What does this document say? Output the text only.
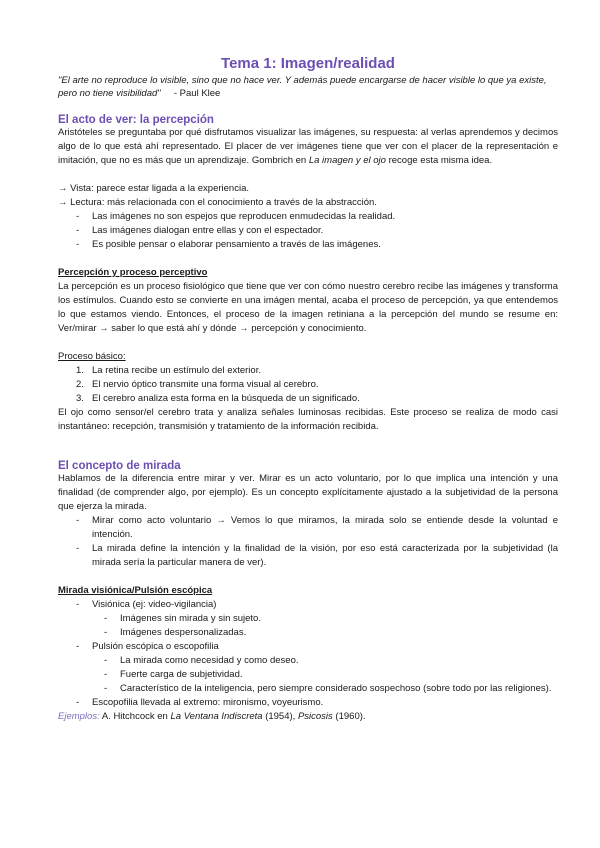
Tema 1: Imagen/realidad

"El arte no reproduce lo visible, sino que no hace ver. Y además puede encargarse de hacer visible lo que ya existe, pero no tiene visibilidad" - Paul Klee

El acto de ver: la percepción

Aristóteles se preguntaba por qué disfrutamos visualizar las imágenes, su respuesta: al verlas aprendemos y decimos algo de lo que está ahí representado. El placer de ver imágenes tiene que ver con el placer de la representación e imitación, que no es más que un aprendizaje. Gombrich en La imagen y el ojo recoge esta misma idea.

→ Vista: parece estar ligada a la experiencia.

→ Lectura: más relacionada con el conocimiento a través de la abstracción.

- Las imágenes no son espejos que reproducen enmudecidas la realidad.
- Las imágenes dialogan entre ellas y con el espectador.
- Es posible pensar o elaborar pensamiento a través de las imágenes.
Percepción y proceso perceptivo

La percepción es un proceso fisiológico que tiene que ver con cómo nuestro cerebro recibe las imágenes y transforma los estímulos. Cuando esto se convierte en una imágen mental, acaba el proceso de percepción, ya que entendemos lo que estamos viendo. Entonces, el proceso de la imagen retiniana a la percepción del mundo se resume en: Ver/mirar → saber lo que está ahí y dónde → percepción y conocimiento.

Proceso básico:
1. La retina recibe un estímulo del exterior.
2. El nervio óptico transmite una forma visual al cerebro.
3. El cerebro analiza esta forma en la búsqueda de un significado.

El ojo como sensor/el cerebro trata y analiza señales luminosas recibidas. Este proceso se realiza de modo casi instantáneo: recepción, transmisión y tratamiento de la información recibida.

El concepto de mirada

Hablamos de la diferencia entre mirar y ver. Mirar es un acto voluntario, por lo que implica una intención y una finalidad (de comprender algo, por ejemplo). Es un concepto explícitamente ajustado a la subjetividad de la persona que ejerza la mirada.

- Mirar como acto voluntario → Vemos lo que miramos, la mirada solo se entiende desde la voluntad e intención.
- La mirada define la intención y la finalidad de la visión, por eso está caracterizada por la subjetividad (la mirada sería la particular manera de ver).
Mirada visiónica/Pulsión escópica
- Visiónica (ej: video-vigilancia)
- Imágenes sin mirada y sin sujeto.
- Imágenes despersonalizadas.
- Pulsión escópica o escopofilia
- La mirada como necesidad y como deseo.
- Fuerte carga de subjetividad.
- Característico de la inteligencia, pero siempre considerado sospechoso (sobre todo por las religiones).
- Escopofilia llevada al extremo: mironismo, voyeurismo.

Ejemplos: A. Hitchcock en La Ventana Indiscreta (1954), Psicosis (1960).
